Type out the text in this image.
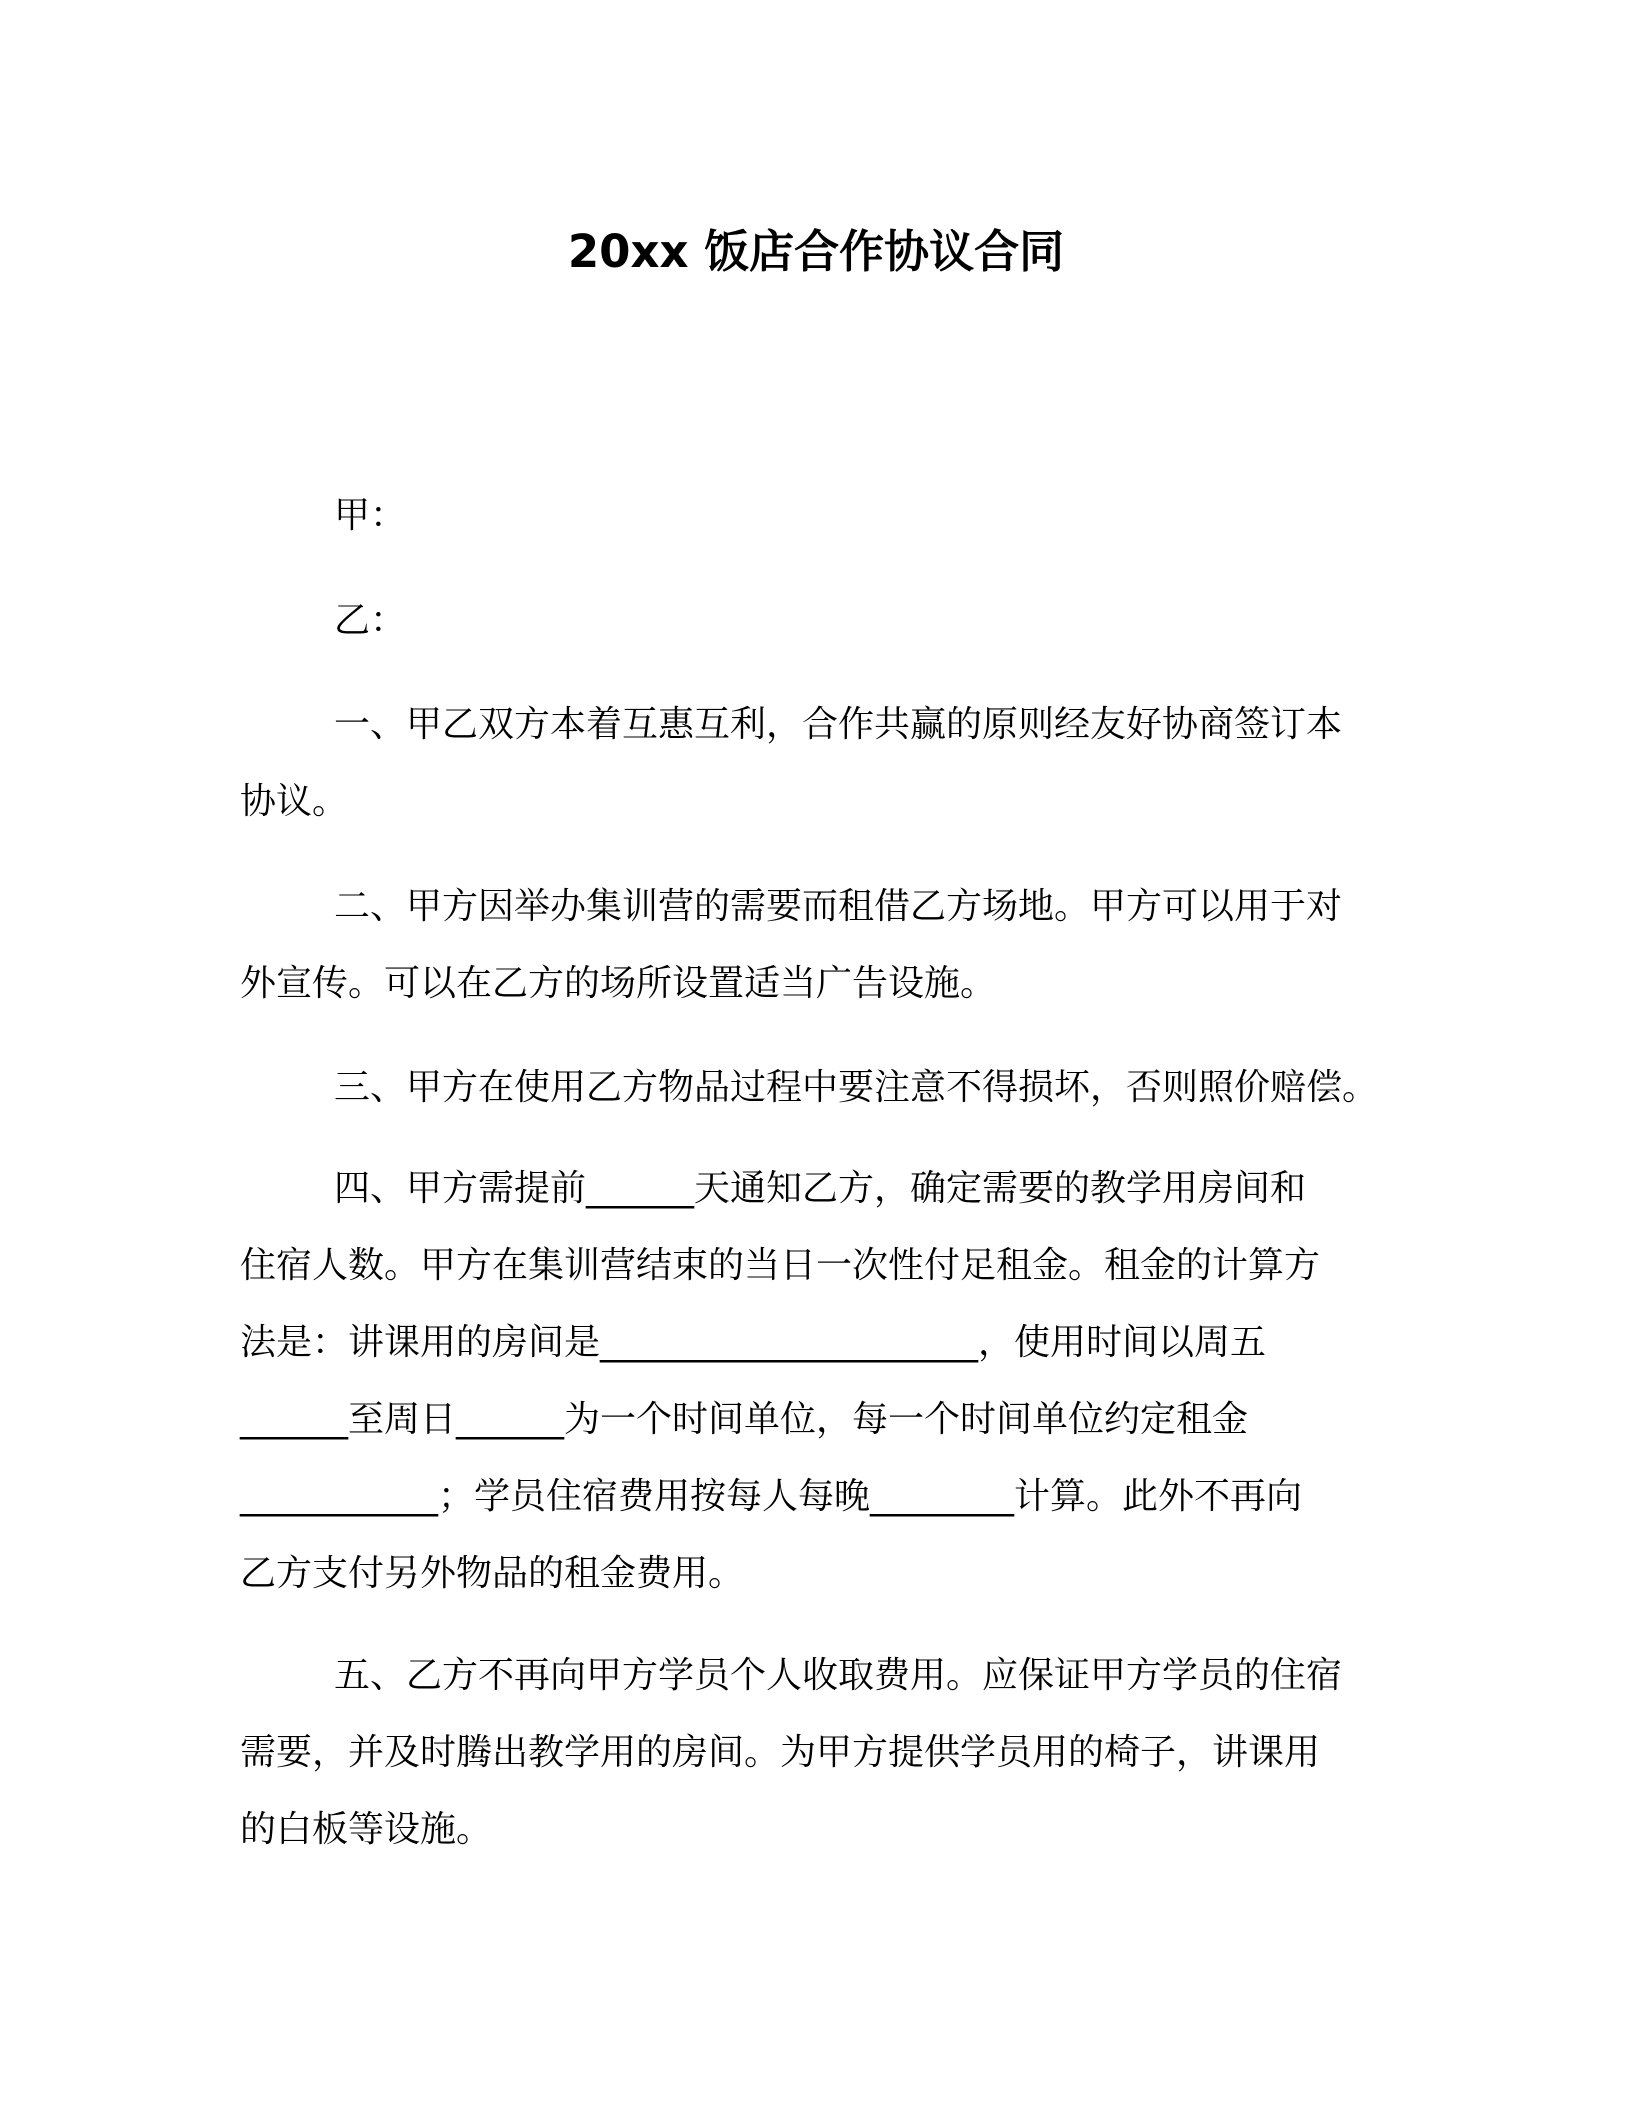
20xx 饭店合作协议合同
甲：
乙：
一、甲乙双方本着互惠互利，合作共赢的原则经友好协商签订本
协议。
二、甲方因举办集训营的需要而租借乙方场地。甲方可以用于对
外宣传。可以在乙方的场所设置适当广告设施。
三、甲方在使用乙方物品过程中要注意不得损坏，否则照价赔偿。
四、甲方需提前______天通知乙方，确定需要的教学用房间和
住宿人数。甲方在集训营结束的当日一次性付足租金。租金的计算方
法是：讲课用的房间是_____________________，使用时间以周五
______至周日______为一个时间单位，每一个时间单位约定租金
___________；学员住宿费用按每人每晚________计算。此外不再向
乙方支付另外物品的租金费用。
五、乙方不再向甲方学员个人收取费用。应保证甲方学员的住宿
需要，并及时腾出教学用的房间。为甲方提供学员用的椅子，讲课用
的白板等设施。
